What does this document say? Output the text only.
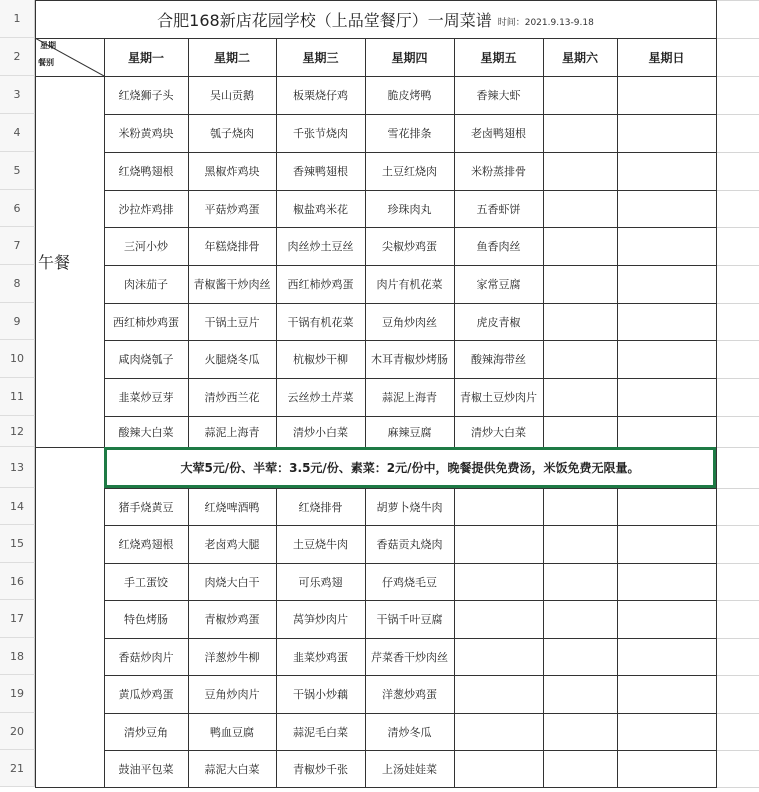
1
2
3
4
5
6
7
8
9
10
11
12
13
14
15
16
17
18
19
20
21
星期一	星期二	星期三	星期四	星期五	星期六	星期日
红烧狮子头	吴山贡鹅	板栗烧仔鸡	脆皮烤鸭	香辣大虾
米粉黄鸡块	瓠子烧肉	千张节烧肉	雪花排条	老卤鸭翅根
红烧鸭翅根	黑椒炸鸡块	香辣鸭翅根	土豆红烧肉	米粉蒸排骨
沙拉炸鸡排	平菇炒鸡蛋	椒盐鸡米花	珍珠肉丸	五香虾饼
三河小炒	年糕烧排骨	肉丝炒土豆丝	尖椒炒鸡蛋	鱼香肉丝
肉沫茄子	青椒酱干炒肉丝	西红柿炒鸡蛋	肉片有机花菜	家常豆腐
西红柿炒鸡蛋	干锅土豆片	干锅有机花菜	豆角炒肉丝	虎皮青椒
咸肉烧瓠子	火腿烧冬瓜	杭椒炒干柳	木耳青椒炒烤肠	酸辣海带丝
韭菜炒豆芽	清炒西兰花	云丝炒土芹菜	蒜泥上海青	青椒土豆炒肉片
酸辣大白菜	蒜泥上海青	清炒小白菜	麻辣豆腐	清炒大白菜
猪手烧黄豆	红烧啤酒鸭	红烧排骨	胡萝卜烧牛肉
红烧鸡翅根	老卤鸡大腿	土豆烧牛肉	香菇贡丸烧肉
手工蛋饺	肉烧大白干	可乐鸡翅	仔鸡烧毛豆
特色烤肠	青椒炒鸡蛋	莴笋炒肉片	干锅千叶豆腐
香菇炒肉片	洋葱炒牛柳	韭菜炒鸡蛋	芹菜香干炒肉丝
黄瓜炒鸡蛋	豆角炒肉片	干锅小炒藕	洋葱炒鸡蛋
清炒豆角	鸭血豆腐	蒜泥毛白菜	清炒冬瓜
鼓油平包菜	蒜泥大白菜	青椒炒千张	上汤娃娃菜
合肥168新店花园学校（上品堂餐厅）一周菜谱 时间：2021.9.13-9.18
星期
餐别
午餐
大荤5元/份、半荤：3.5元/份、素菜：2元/份中，晚餐提供免费汤，米饭免费无限量。
